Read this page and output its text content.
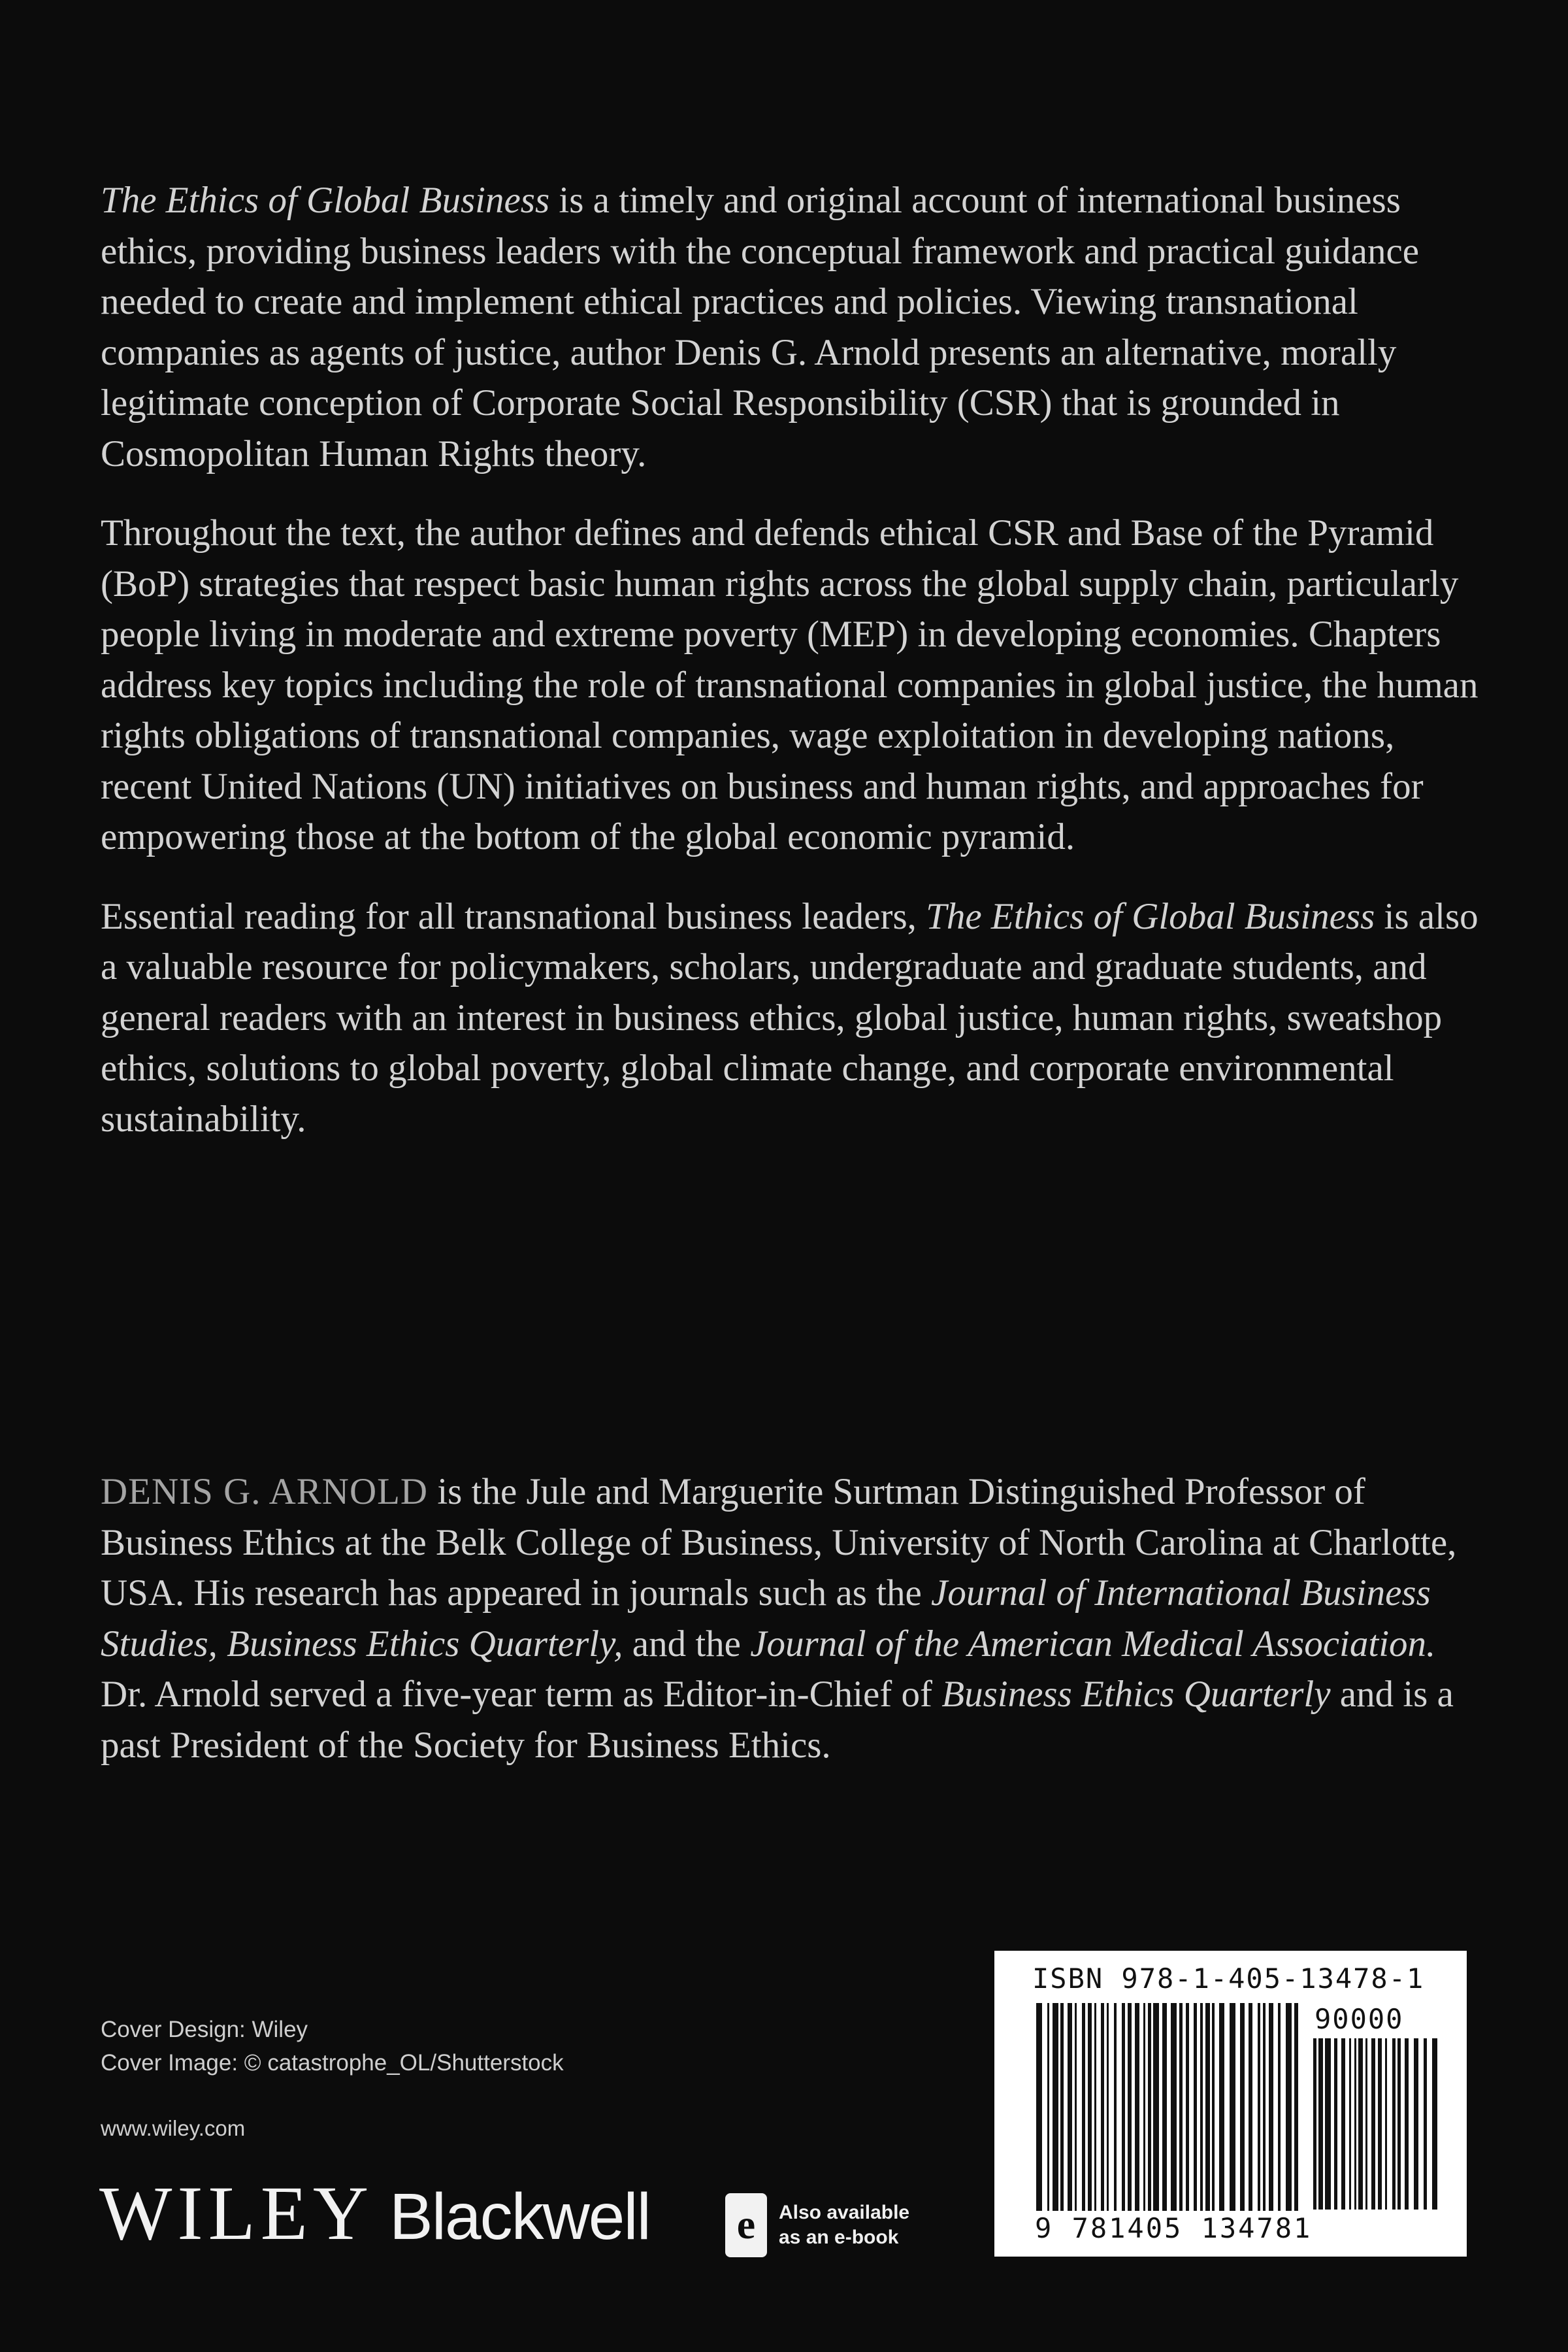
The Ethics of Global Business is a timely and original account of international business ethics, providing business leaders with the conceptual framework and practical guidance needed to create and implement ethical practices and policies. Viewing transnational companies as agents of justice, author Denis G. Arnold presents an alternative, morally legitimate conception of Corporate Social Responsibility (CSR) that is grounded in Cosmopolitan Human Rights theory.

Throughout the text, the author defines and defends ethical CSR and Base of the Pyramid (BoP) strategies that respect basic human rights across the global supply chain, particularly people living in moderate and extreme poverty (MEP) in developing economies. Chapters address key topics including the role of transnational companies in global justice, the human rights obligations of transnational companies, wage exploitation in developing nations, recent United Nations (UN) initiatives on business and human rights, and approaches for empowering those at the bottom of the global economic pyramid.

Essential reading for all transnational business leaders, The Ethics of Global Business is also a valuable resource for policymakers, scholars, undergraduate and graduate students, and general readers with an interest in business ethics, global justice, human rights, sweatshop ethics, solutions to global poverty, global climate change, and corporate environmental sustainability.

DENIS G. ARNOLD is the Jule and Marguerite Surtman Distinguished Professor of Business Ethics at the Belk College of Business, University of North Carolina at Charlotte, USA. His research has appeared in journals such as the Journal of International Business Studies, Business Ethics Quarterly, and the Journal of the American Medical Association. Dr. Arnold served a five-year term as Editor-in-Chief of Business Ethics Quarterly and is a past President of the Society for Business Ethics.

Cover Design: Wiley
Cover Image: © catastrophe_OL/Shutterstock
www.wiley.com
WILEY Blackwell e Also available
as an e-book
ISBN 978-1-405-13478-1
90000
9 781405 134781
